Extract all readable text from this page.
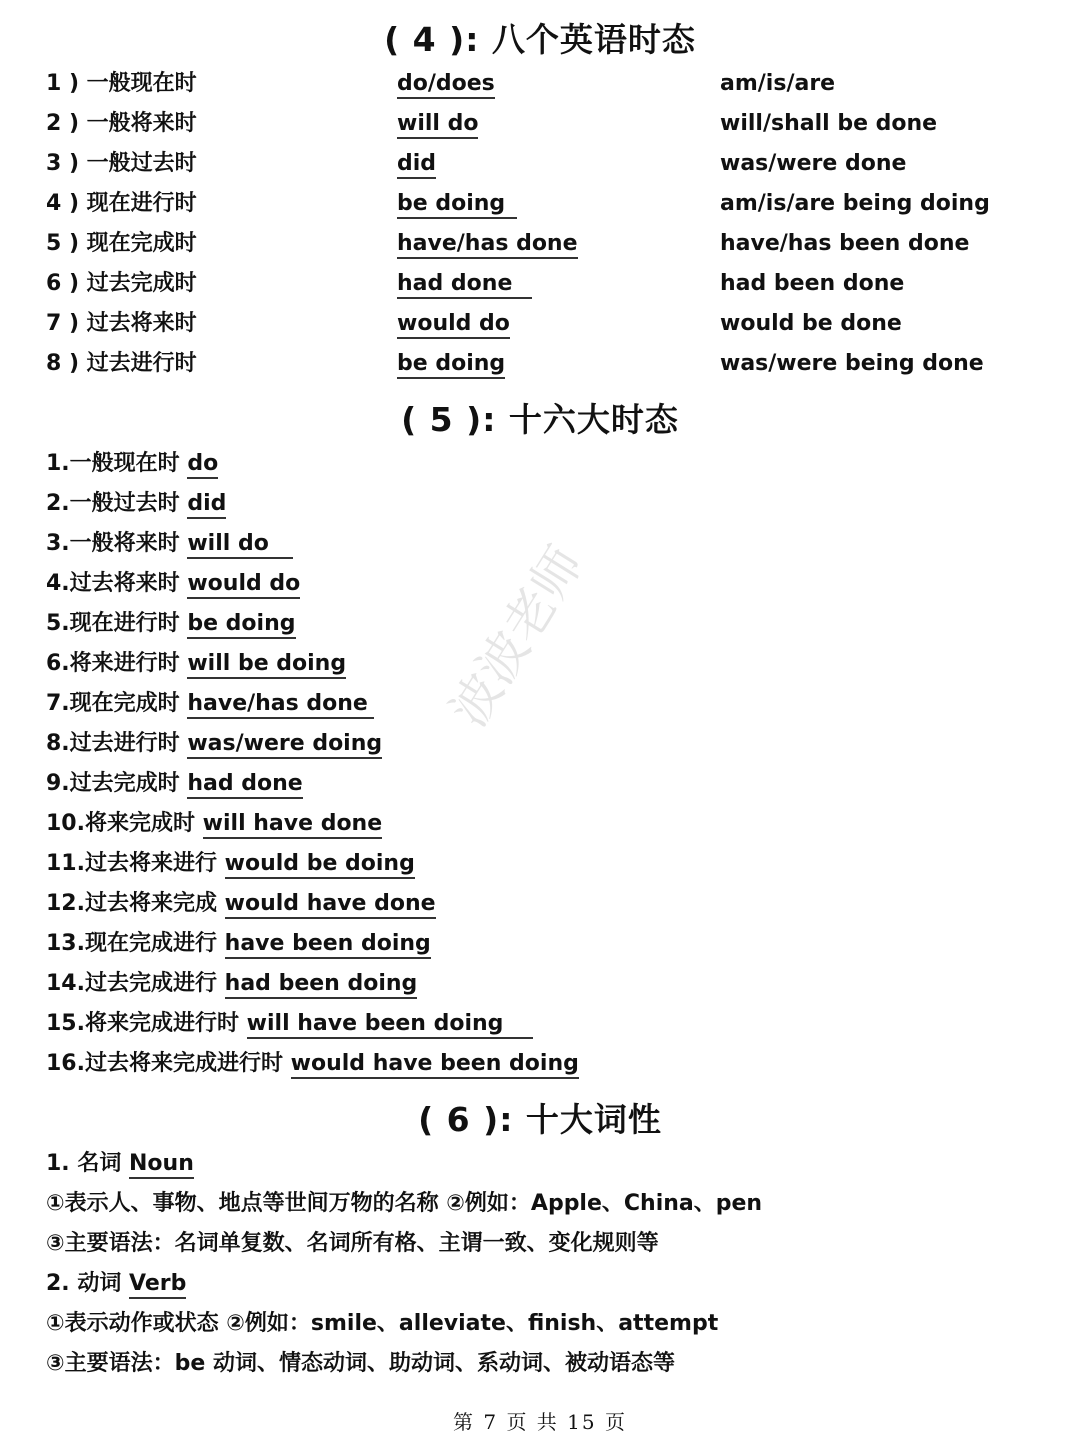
( 4 ): 八个英语时态
1 ) 一般现在时	do/does	am/is/are
2 ) 一般将来时	will do	will/shall be done
3 ) 一般过去时	did	was/were done
4 ) 现在进行时	be doing	am/is/are being doing
5 ) 现在完成时	have/has done	have/has been done
6 ) 过去完成时	had done	had been done
7 ) 过去将来时	would do	would be done
8 ) 过去进行时	be doing	was/were being done
( 5 ): 十六大时态
1.一般现在时 do
2.一般过去时 did
3.一般将来时 will do
4.过去将来时 would do
5.现在进行时 be doing
6.将来进行时 will be doing
7.现在完成时 have/has done
8.过去进行时 was/were doing
9.过去完成时 had done
10.将来完成时 will have done
11.过去将来进行 would be doing
12.过去将来完成 would have done
13.现在完成进行 have been doing
14.过去完成进行 had been doing
15.将来完成进行时 will have been doing
16.过去将来完成进行时 would have been doing
( 6 ): 十大词性
1. 名词 Noun
①表示人、事物、地点等世间万物的名称 ②例如：Apple、China、pen
③主要语法：名词单复数、名词所有格、主谓一致、变化规则等
2. 动词 Verb
①表示动作或状态 ②例如：smile、alleviate、finish、attempt
③主要语法：be 动词、情态动词、助动词、系动词、被动语态等
波波老师
第 7 页 共 15 页
